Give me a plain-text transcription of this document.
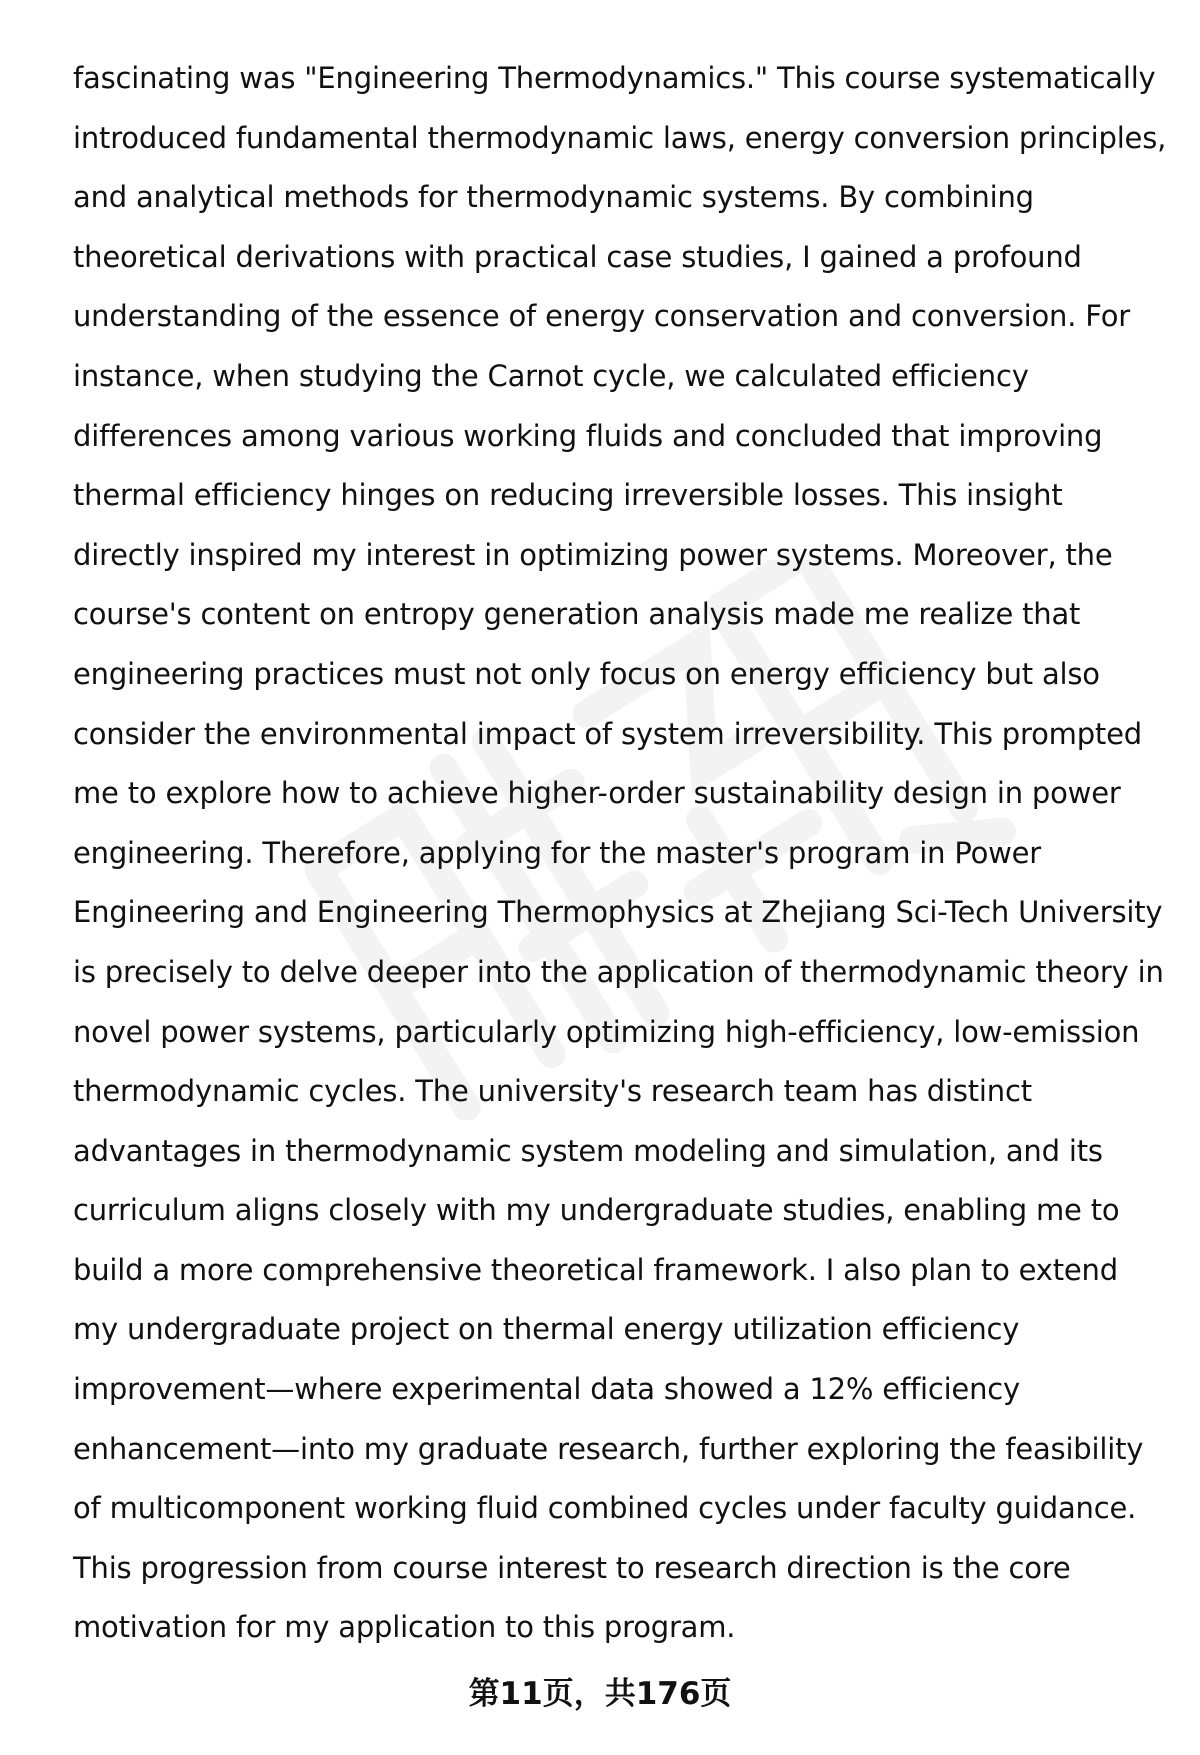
fascinating was "Engineering Thermodynamics." This course systematically
introduced fundamental thermodynamic laws, energy conversion principles,
and analytical methods for thermodynamic systems. By combining
theoretical derivations with practical case studies, I gained a profound
understanding of the essence of energy conservation and conversion. For
instance, when studying the Carnot cycle, we calculated efficiency
differences among various working fluids and concluded that improving
thermal efficiency hinges on reducing irreversible losses. This insight
directly inspired my interest in optimizing power systems. Moreover, the
course's content on entropy generation analysis made me realize that
engineering practices must not only focus on energy efficiency but also
consider the environmental impact of system irreversibility. This prompted
me to explore how to achieve higher-order sustainability design in power
engineering. Therefore, applying for the master's program in Power
Engineering and Engineering Thermophysics at Zhejiang Sci-Tech University
is precisely to delve deeper into the application of thermodynamic theory in
novel power systems, particularly optimizing high-efficiency, low-emission
thermodynamic cycles. The university's research team has distinct
advantages in thermodynamic system modeling and simulation, and its
curriculum aligns closely with my undergraduate studies, enabling me to
build a more comprehensive theoretical framework. I also plan to extend
my undergraduate project on thermal energy utilization efficiency
improvement—where experimental data showed a 12% efficiency
enhancement—into my graduate research, further exploring the feasibility
of multicomponent working fluid combined cycles under faculty guidance.
This progression from course interest to research direction is the core
motivation for my application to this program.
第11页，共176页
